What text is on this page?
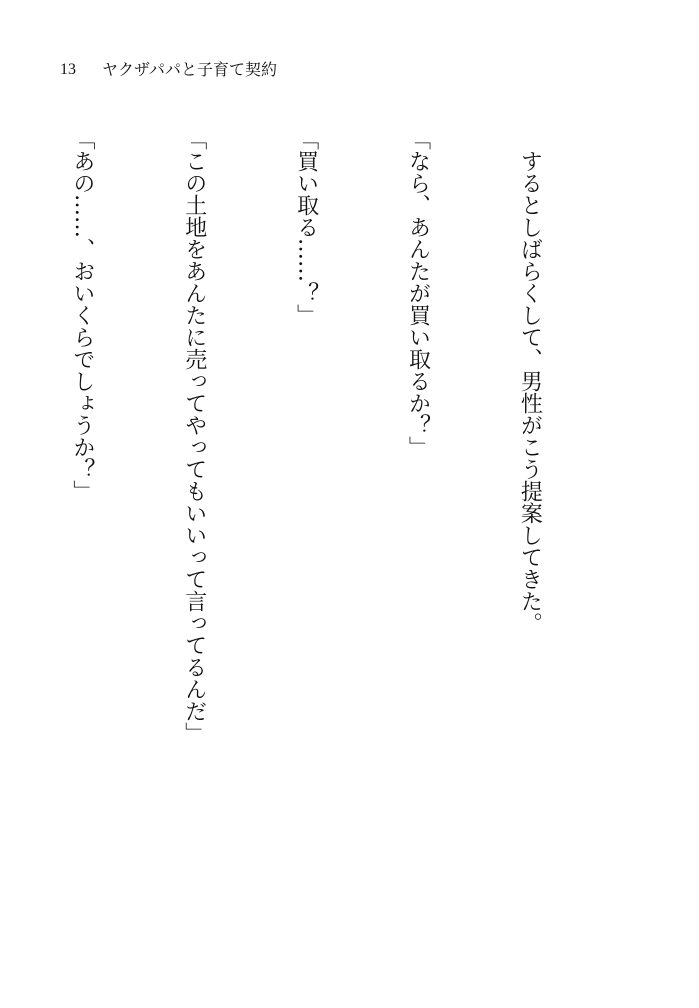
13	ヤクザパパと子育て契約

　するとしばらくして、男性がこう提案してきた。

「なら、あんたが買い取るか？」

「買い取る……？」

「この土地をあんたに売ってやってもいいって言ってるんだ」

「あの……、おいくらでしょうか？」
